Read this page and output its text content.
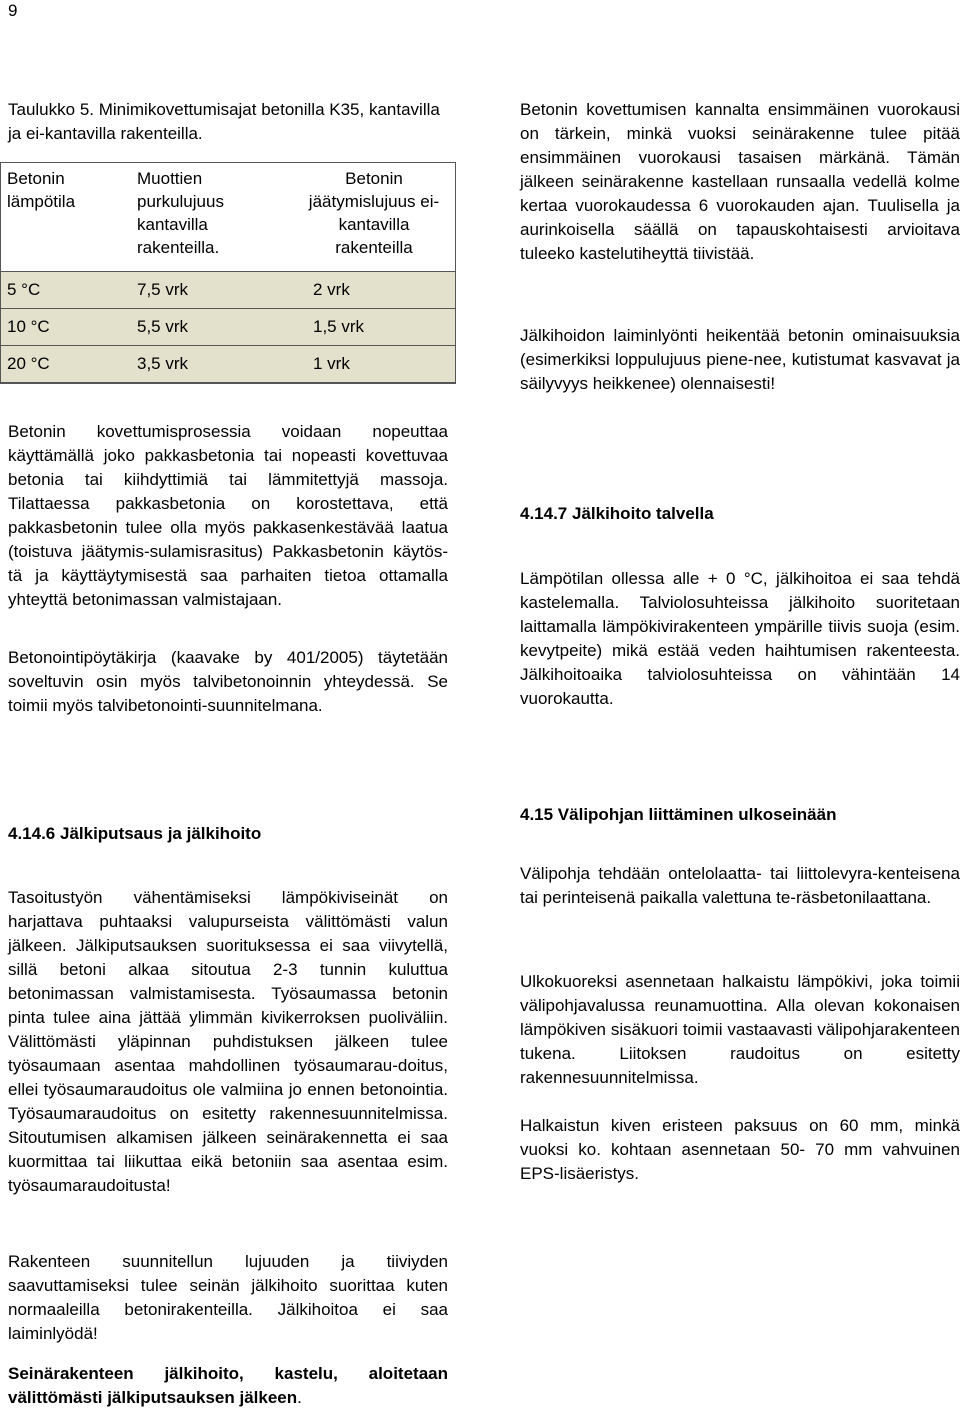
9
Taulukko 5. Minimikovettumisajat betonilla K35, kantavilla ja ei-kantavilla rakenteilla.
Betonin lämpötila	Muottien purkulujuus kantavilla rakenteilla.	Betonin jäätymislujuus ei-kantavilla rakenteilla
5 °C	7,5 vrk	2 vrk
10 °C	5,5 vrk	1,5 vrk
20 °C	3,5 vrk	1 vrk

Betonin kovettumisprosessia voidaan nopeuttaa käyttämällä joko pakkasbetonia tai nopeasti kovettuvaa betonia tai kiihdyttimiä tai lämmitettyjä massoja. Tilattaessa pakkasbetonia on korostettava, että pakkasbetonin tulee olla myös pakkasenkestävää laatua (toistuva jäätymis-sulamisrasitus) Pakkasbetonin käytös-tä ja käyttäytymisestä saa parhaiten tietoa ottamalla yhteyttä betonimassan valmistajaan.

Betonointipöytäkirja (kaavake by 401/2005) täytetään soveltuvin osin myös talvibetonoinnin yhteydessä. Se toimii myös talvibetonointi-suunnitelmana.

4.14.6 Jälkiputsaus ja jälkihoito

Tasoitustyön vähentämiseksi lämpökiviseinät on harjattava puhtaaksi valupurseista välittömästi valun jälkeen. Jälkiputsauksen suorituksessa ei saa viivytellä, sillä betoni alkaa sitoutua 2-3 tunnin kuluttua betonimassan valmistamisesta. Työsaumassa betonin pinta tulee aina jättää ylimmän kivikerroksen puoliväliin. Välittömästi yläpinnan puhdistuksen jälkeen tulee työsaumaan asentaa mahdollinen työsaumarau-doitus, ellei työsaumaraudoitus ole valmiina jo ennen betonointia. Työsaumaraudoitus on esitetty rakennesuunnitelmissa. Sitoutumisen alkamisen jälkeen seinärakennetta ei saa kuormittaa tai liikuttaa eikä betoniin saa asentaa esim. työsaumaraudoitusta!

Rakenteen suunnitellun lujuuden ja tiiviyden saavuttamiseksi tulee seinän jälkihoito suorittaa kuten normaaleilla betonirakenteilla. Jälkihoitoa ei saa laiminlyödä!

Seinärakenteen jälkihoito, kastelu, aloitetaan välittömästi jälkiputsauksen jälkeen.

Betonin kovettumisen kannalta ensimmäinen vuorokausi on tärkein, minkä vuoksi seinärakenne tulee pitää ensimmäinen vuorokausi tasaisen märkänä. Tämän jälkeen seinärakenne kastellaan runsaalla vedellä kolme kertaa vuorokaudessa 6 vuorokauden ajan. Tuulisella ja aurinkoisella säällä on tapauskohtaisesti arvioitava tuleeko kastelutiheyttä tiivistää.

Jälkihoidon laiminlyönti heikentää betonin ominaisuuksia (esimerkiksi loppulujuus piene-nee, kutistumat kasvavat ja säilyvyys heikkenee) olennaisesti!

4.14.7 Jälkihoito talvella

Lämpötilan ollessa alle + 0 °C, jälkihoitoa ei saa tehdä kastelemalla. Talviolosuhteissa jälkihoito suoritetaan laittamalla lämpökivirakenteen ympärille tiivis suoja (esim. kevytpeite) mikä estää veden haihtumisen rakenteesta. Jälkihoitoaika talviolosuhteissa on vähintään 14 vuorokautta.

4.15 Välipohjan liittäminen ulkoseinään

Välipohja tehdään ontelolaatta- tai liittolevyra-kenteisena tai perinteisenä paikalla valettuna te-räsbetonilaattana.

Ulkokuoreksi asennetaan halkaistu lämpökivi, joka toimii välipohjavalussa reunamuottina. Alla olevan kokonaisen lämpökiven sisäkuori toimii vastaavasti välipohjarakenteen tukena. Liitoksen raudoitus on esitetty rakennesuunnitelmissa.

Halkaistun kiven eristeen paksuus on 60 mm, minkä vuoksi ko. kohtaan asennetaan 50- 70 mm vahvuinen EPS-lisäeristys.
